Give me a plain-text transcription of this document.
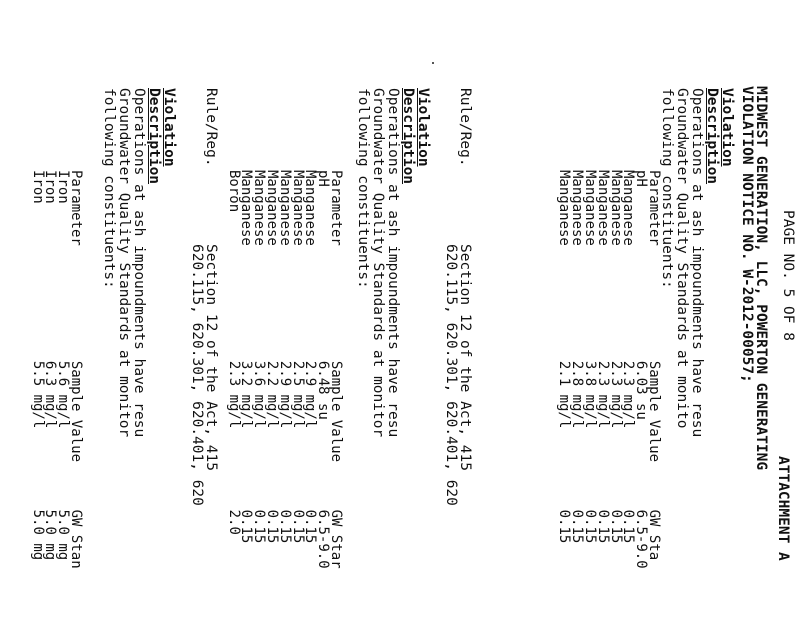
PAGE NO. 5 OF 8
ATTACHMENT A
MIDWEST GENERATION, LLC, POWERTON GENERATING
VIOLATION NOTICE NO. W-2012-00057;
Violation
Description
Operations at ash impoundments have resu
Groundwater Quality Standards at monito
following constituents:
Parameter	Sample Value	GW Sta
pH	6.03 su	6.5-9.0
Manganese	2.3 mg/l	0.15
Manganese	2.3 mg/l	0.15
Manganese	2.3 mg/l	0.15
Manganese	3.8 mg/l	0.15
Manganese	2.8 mg/l	0.15
Manganese	2.1 mg/l	0.15
Rule/Reg.
Section 12 of the Act, 415
620.115, 620.301, 620.401, 620
Violation
Description
Operations at ash impoundments have resu
Groundwater Quality Standards at monitor
following constituents:
Parameter	Sample Value	GW Star
pH	6.48 su	6.5-9.0
Manganese	2.9 mg/l	0.15
Manganese	2.5 mg/l	0.15
Manganese	2.9 mg/l	0.15
Manganese	2.2 mg/l	0.15
Manganese	3.6 mg/l	0.15
Manganese	3.2 mg/l	0.15
Boron	2.3 mg/l	2.0
Rule/Reg.
Section 12 of the Act, 415
620.115, 620.301, 620.401, 620
Violation
Description
Operations at ash impoundments have resu
Groundwater Quality Standards at monitor
following constituents:
Parameter	Sample Value	GW Stan
Iron	5.6 mg/l	5.0 mg
Iron	6.3 mg/l	5.0 mg
Iron	5.5 mg/l	5.0 mg
